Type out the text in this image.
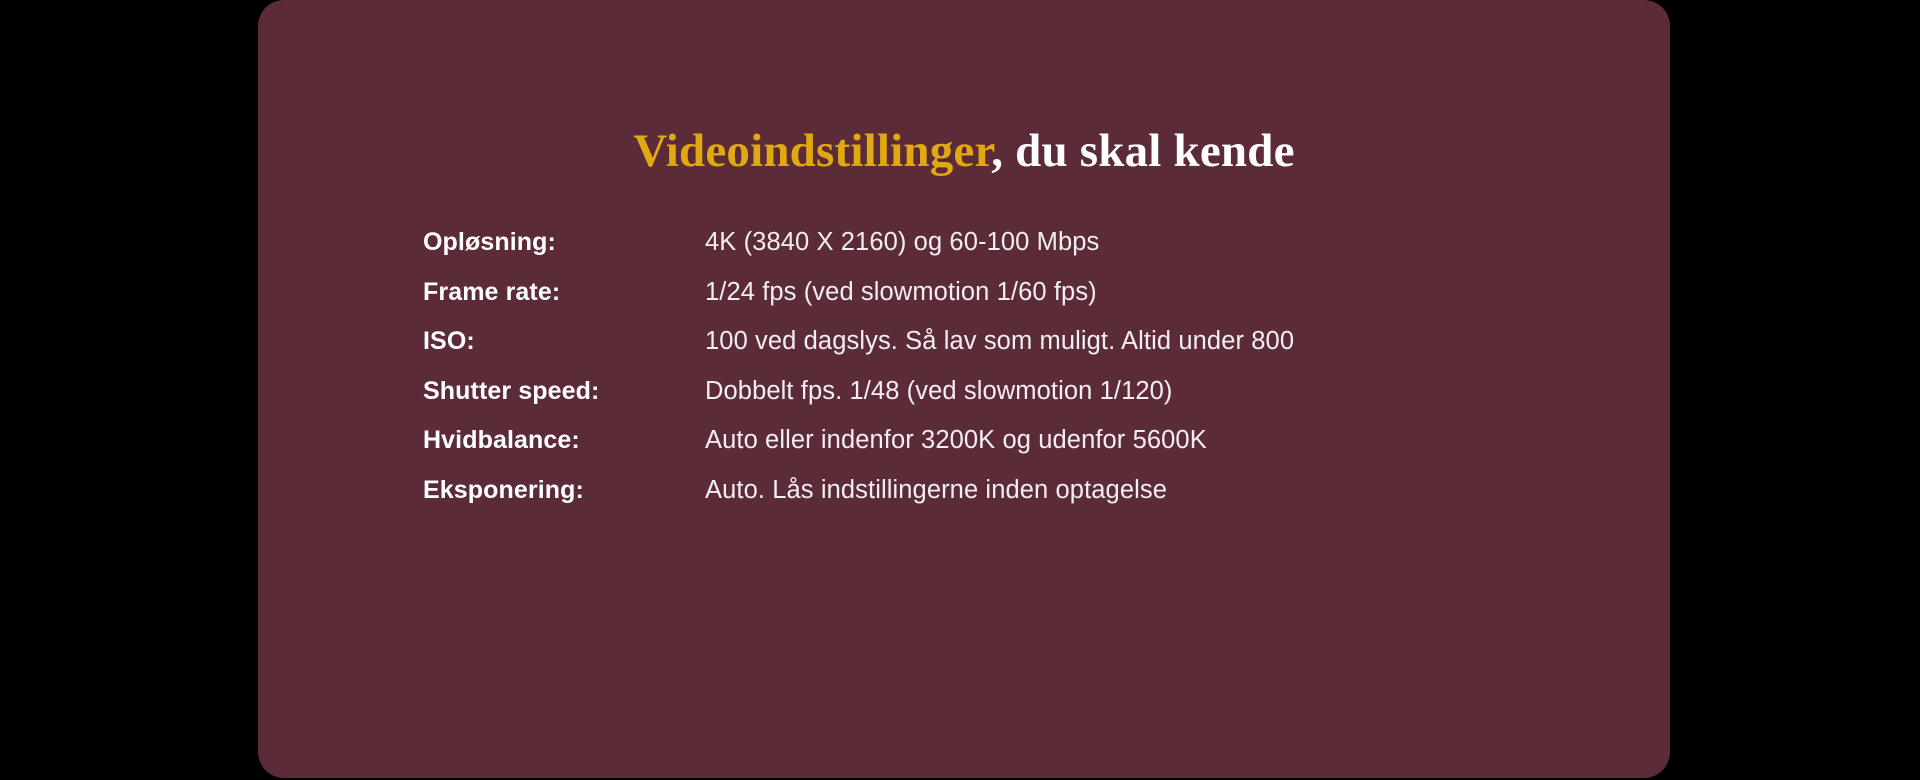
Videoindstillinger, du skal kende
Opløsning:	4K (3840 X 2160) og 60-100 Mbps
Frame rate:	1/24 fps (ved slowmotion 1/60 fps)
ISO:	100 ved dagslys. Så lav som muligt. Altid under 800
Shutter speed:	Dobbelt fps. 1/48 (ved slowmotion 1/120)
Hvidbalance:	Auto eller indenfor 3200K og udenfor 5600K
Eksponering:	Auto. Lås indstillingerne inden optagelse
